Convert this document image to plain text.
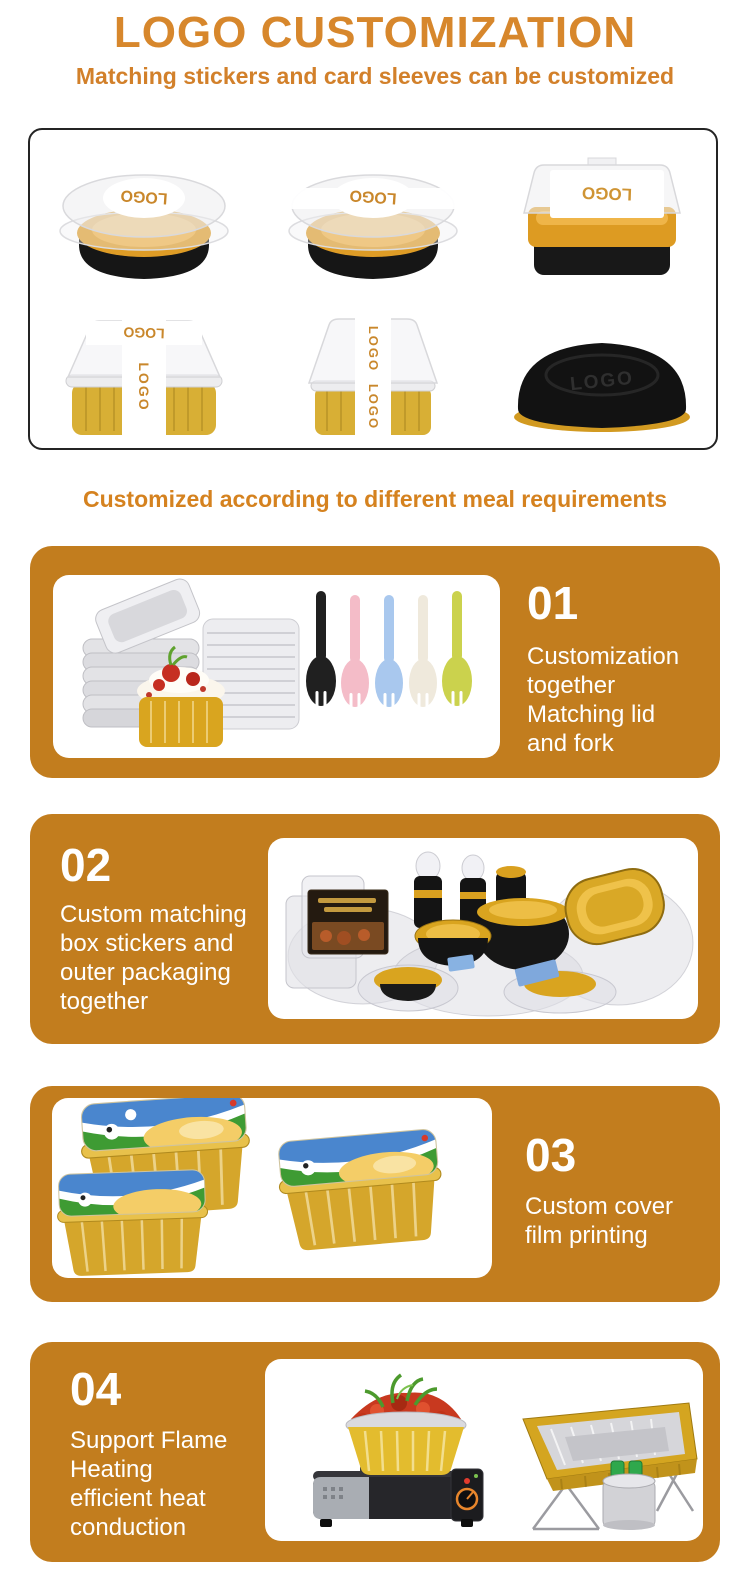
LOGO CUSTOMIZATION
Matching stickers and card sleeves can be customized
LOGO	LOGO	LOGO
LOGO
LOGO
LOGO
LOGO
LOGO
Customized according to different meal requirements
01
Customization
together
Matching lid
and fork
02
Custom matching
box stickers and
outer packaging
together
03
Custom cover
film printing
04
Support Flame
Heating
efficient heat
conduction
